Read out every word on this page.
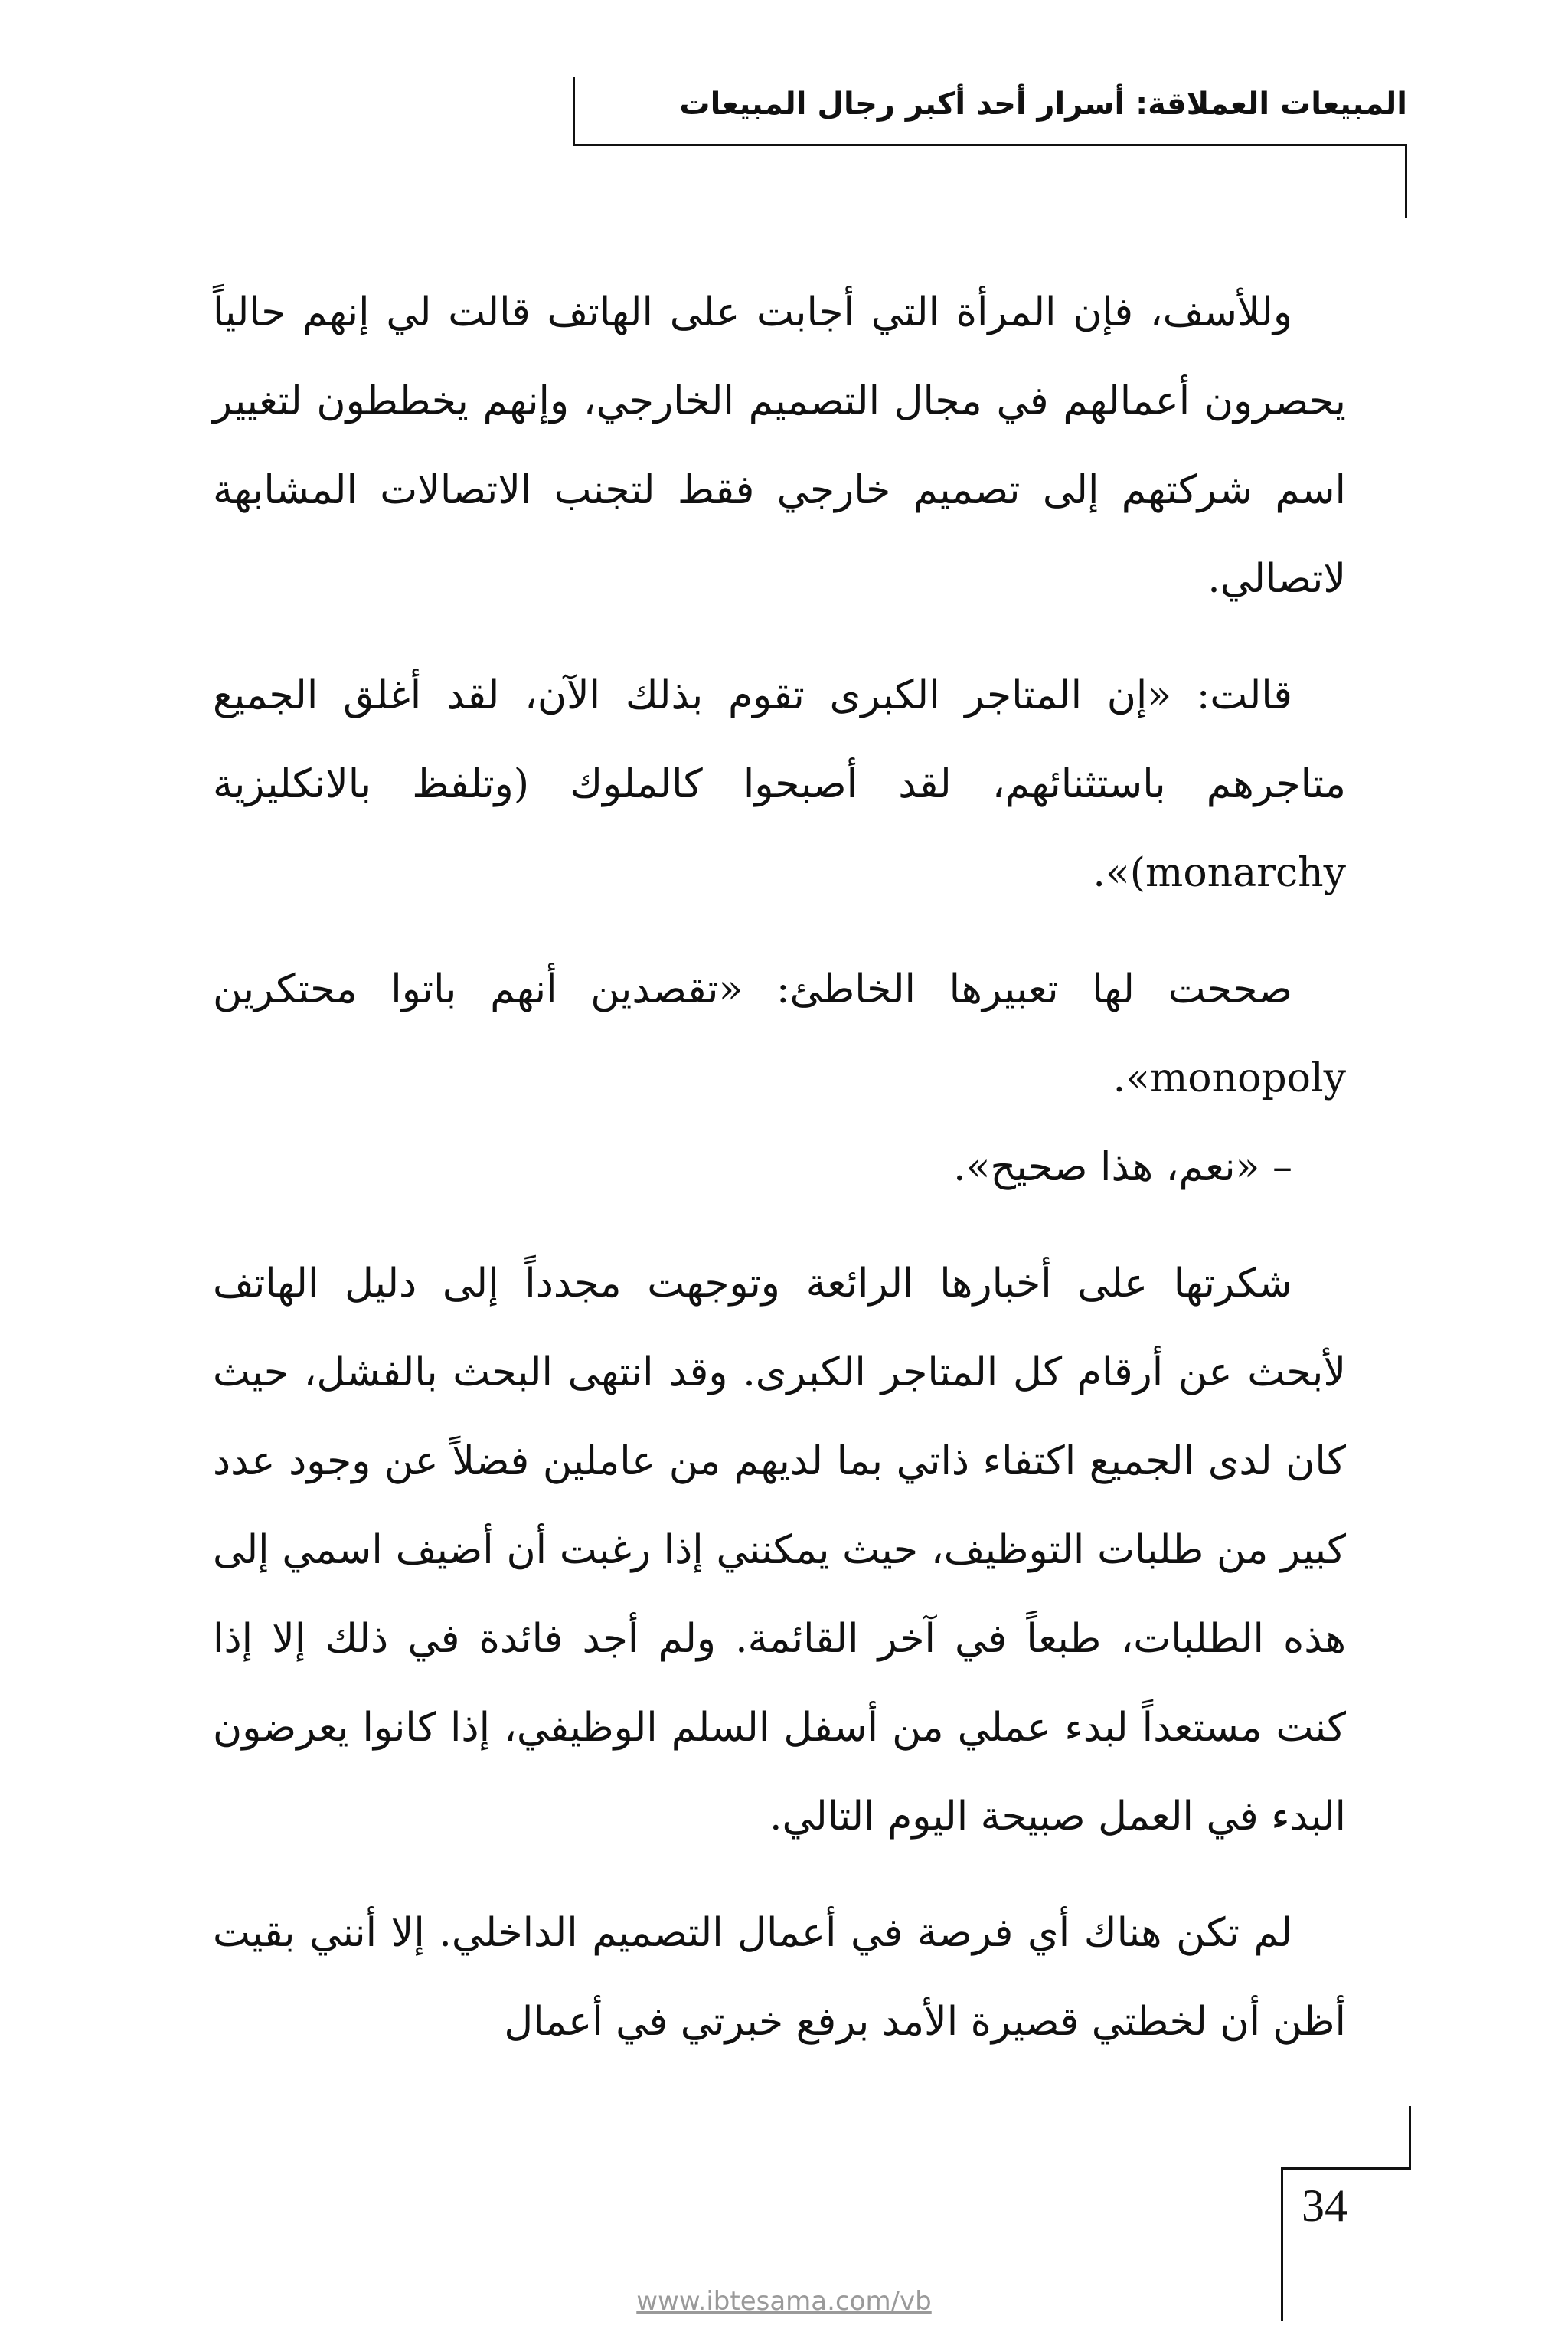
المبيعات العملاقة: أسرار أحد أكبر رجال المبيعات

وللأسف، فإن المرأة التي أجابت على الهاتف قالت لي إنهم حالياً يحصرون أعمالهم في مجال التصميم الخارجي، وإنهم يخططون لتغيير اسم شركتهم إلى تصميم خارجي فقط لتجنب الاتصالات المشابهة لاتصالي.

قالت: «إن المتاجر الكبرى تقوم بذلك الآن، لقد أغلق الجميع متاجرهم باستثنائهم، لقد أصبحوا كالملوك (وتلفظ بالانكليزية monarchy)».

صححت لها تعبيرها الخاطئ: «تقصدين أنهم باتوا محتكرين monopoly».

– «نعم، هذا صحيح».

شكرتها على أخبارها الرائعة وتوجهت مجدداً إلى دليل الهاتف لأبحث عن أرقام كل المتاجر الكبرى. وقد انتهى البحث بالفشل، حيث كان لدى الجميع اكتفاء ذاتي بما لديهم من عاملين فضلاً عن وجود عدد كبير من طلبات التوظيف، حيث يمكنني إذا رغبت أن أضيف اسمي إلى هذه الطلبات، طبعاً في آخر القائمة. ولم أجد فائدة في ذلك إلا إذا كنت مستعداً لبدء عملي من أسفل السلم الوظيفي، إذا كانوا يعرضون البدء في العمل صبيحة اليوم التالي.

لم تكن هناك أي فرصة في أعمال التصميم الداخلي. إلا أنني بقيت أظن أن لخطتي قصيرة الأمد برفع خبرتي في أعمال

34
www.ibtesama.com/vb
